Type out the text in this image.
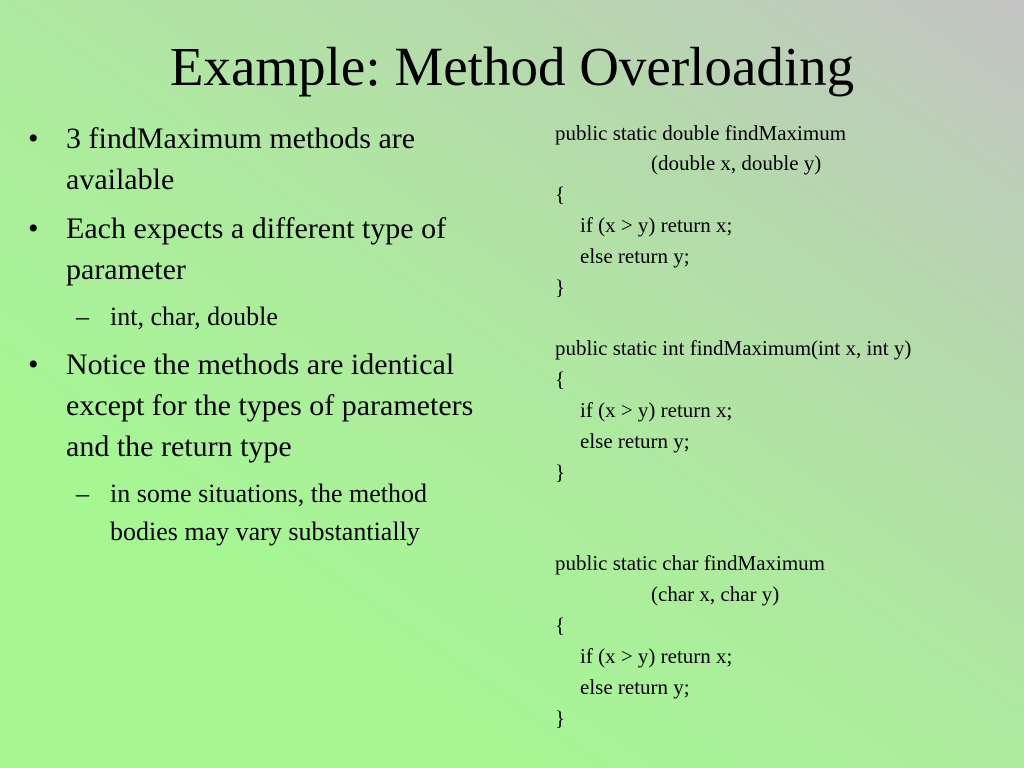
Example: Method Overloading
• 3 findMaximum methods are available
• Each expects a different type of parameter
– int, char, double
• Notice the methods are identical except for the types of parameters and the return type
– in some situations, the method bodies may vary substantially
public static double findMaximum
(double x, double y)
{
if (x > y) return x;
else return y;
}
public static int findMaximum(int x, int y)
{
if (x > y) return x;
else return y;
}
public static char findMaximum
(char x, char y)
{
if (x > y) return x;
else return y;
}
